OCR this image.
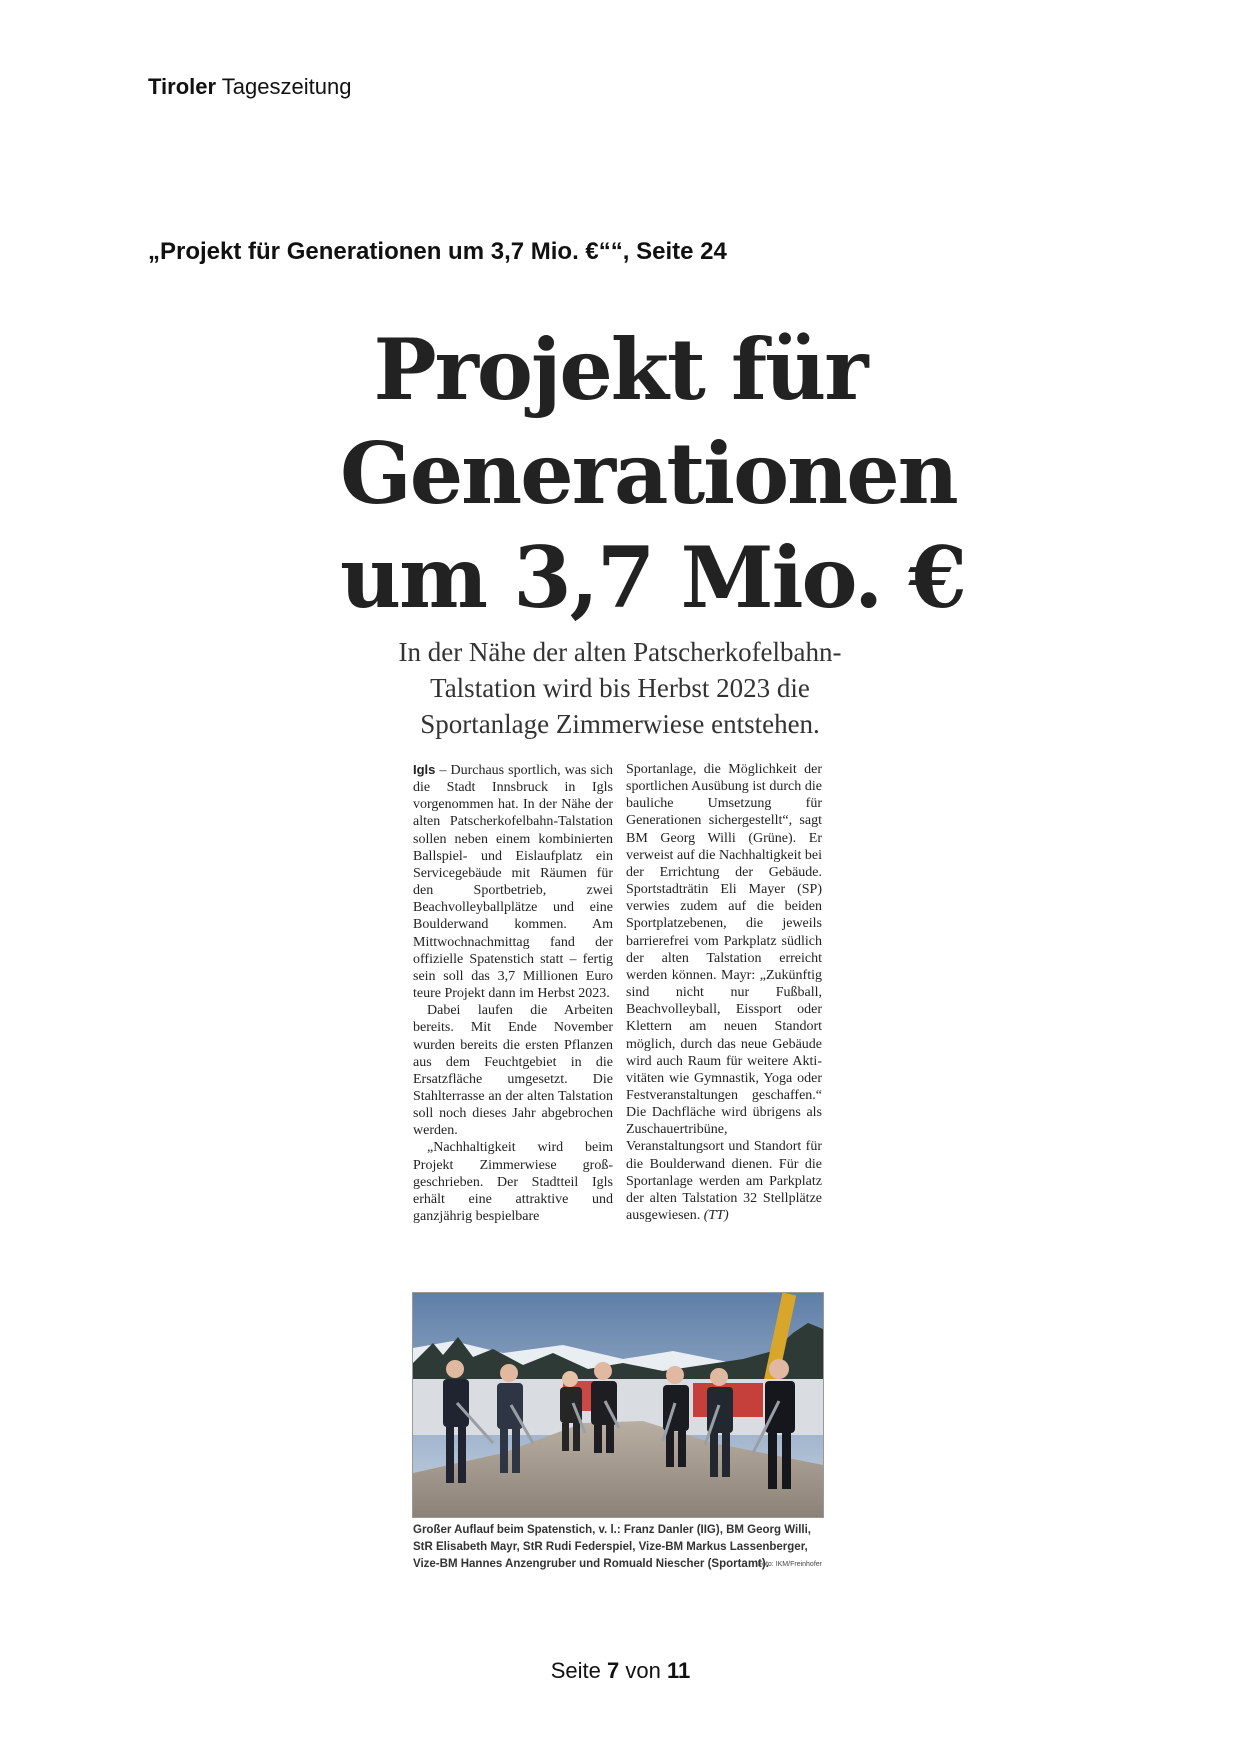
Tiroler Tageszeitung
„Projekt für Generationen um 3,7 Mio. €““, Seite 24
Projekt für
Generationen
um 3,7 Mio. €
In der Nähe der alten Patscherkofelbahn-
Talstation wird bis Herbst 2023 die
Sportanlage Zimmerwiese entstehen.

Igls – Durchaus sportlich, was sich die Stadt Innsbruck in Igls vorgenommen hat. In der Nähe der alten Patscherkofelbahn-Talstation sollen neben einem kombinierten Ballspiel- und Eislaufplatz ein Servicegebäude mit Räumen für den Sportbetrieb, zwei Beachvolleyballplätze und eine Boulderwand kommen. Am Mittwochnachmittag fand der offizielle Spatenstich statt – fertig sein soll das 3,7 Millionen Euro teure Projekt dann im Herbst 2023.

Dabei laufen die Arbeiten bereits. Mit Ende November wurden bereits die ersten Pflanzen aus dem Feuchtgebiet in die Ersatzfläche umgesetzt. Die Stahlterrasse an der alten Talstation soll noch dieses Jahr abgebrochen werden.

„Nachhaltigkeit wird beim Projekt Zimmerwiese großgeschrieben. Der Stadtteil Igls erhält eine attraktive und ganzjährig bespielbare

Sportanlage, die Möglichkeit der sportlichen Ausübung ist durch die bauliche Umsetzung für Generationen sichergestellt“, sagt BM Georg Willi (Grüne). Er verweist auf die Nachhaltigkeit bei der Errichtung der Gebäude. Sportstadträtin Eli Mayer (SP) verwies zudem auf die beiden Sportplatzebenen, die jeweils barrierefrei vom Parkplatz südlich der alten Talstation erreicht werden können. Mayr: „Zukünftig sind nicht nur Fußball, Beachvolleyball, Eissport oder Klettern am neuen Standort möglich, durch das neue Gebäude wird auch Raum für weitere Aktivitäten wie Gymnastik, Yoga oder Festveranstaltungen geschaffen.“ Die Dachfläche wird übrigens als Zuschauertribüne, Veranstaltungsort und Standort für die Boulderwand dienen. Für die Sportanlage werden am Parkplatz der alten Talstation 32 Stellplätze ausgewiesen. (TT)

Großer Auflauf beim Spatenstich, v. l.: Franz Danler (IIG), BM Georg Willi, StR Elisabeth Mayr, StR Rudi Federspiel, Vize-BM Markus Lassenberger, Vize-BM Hannes Anzengruber und Romuald Niescher (Sportamt).
Foto: IKM/Freinhofer
Seite 7 von 11
